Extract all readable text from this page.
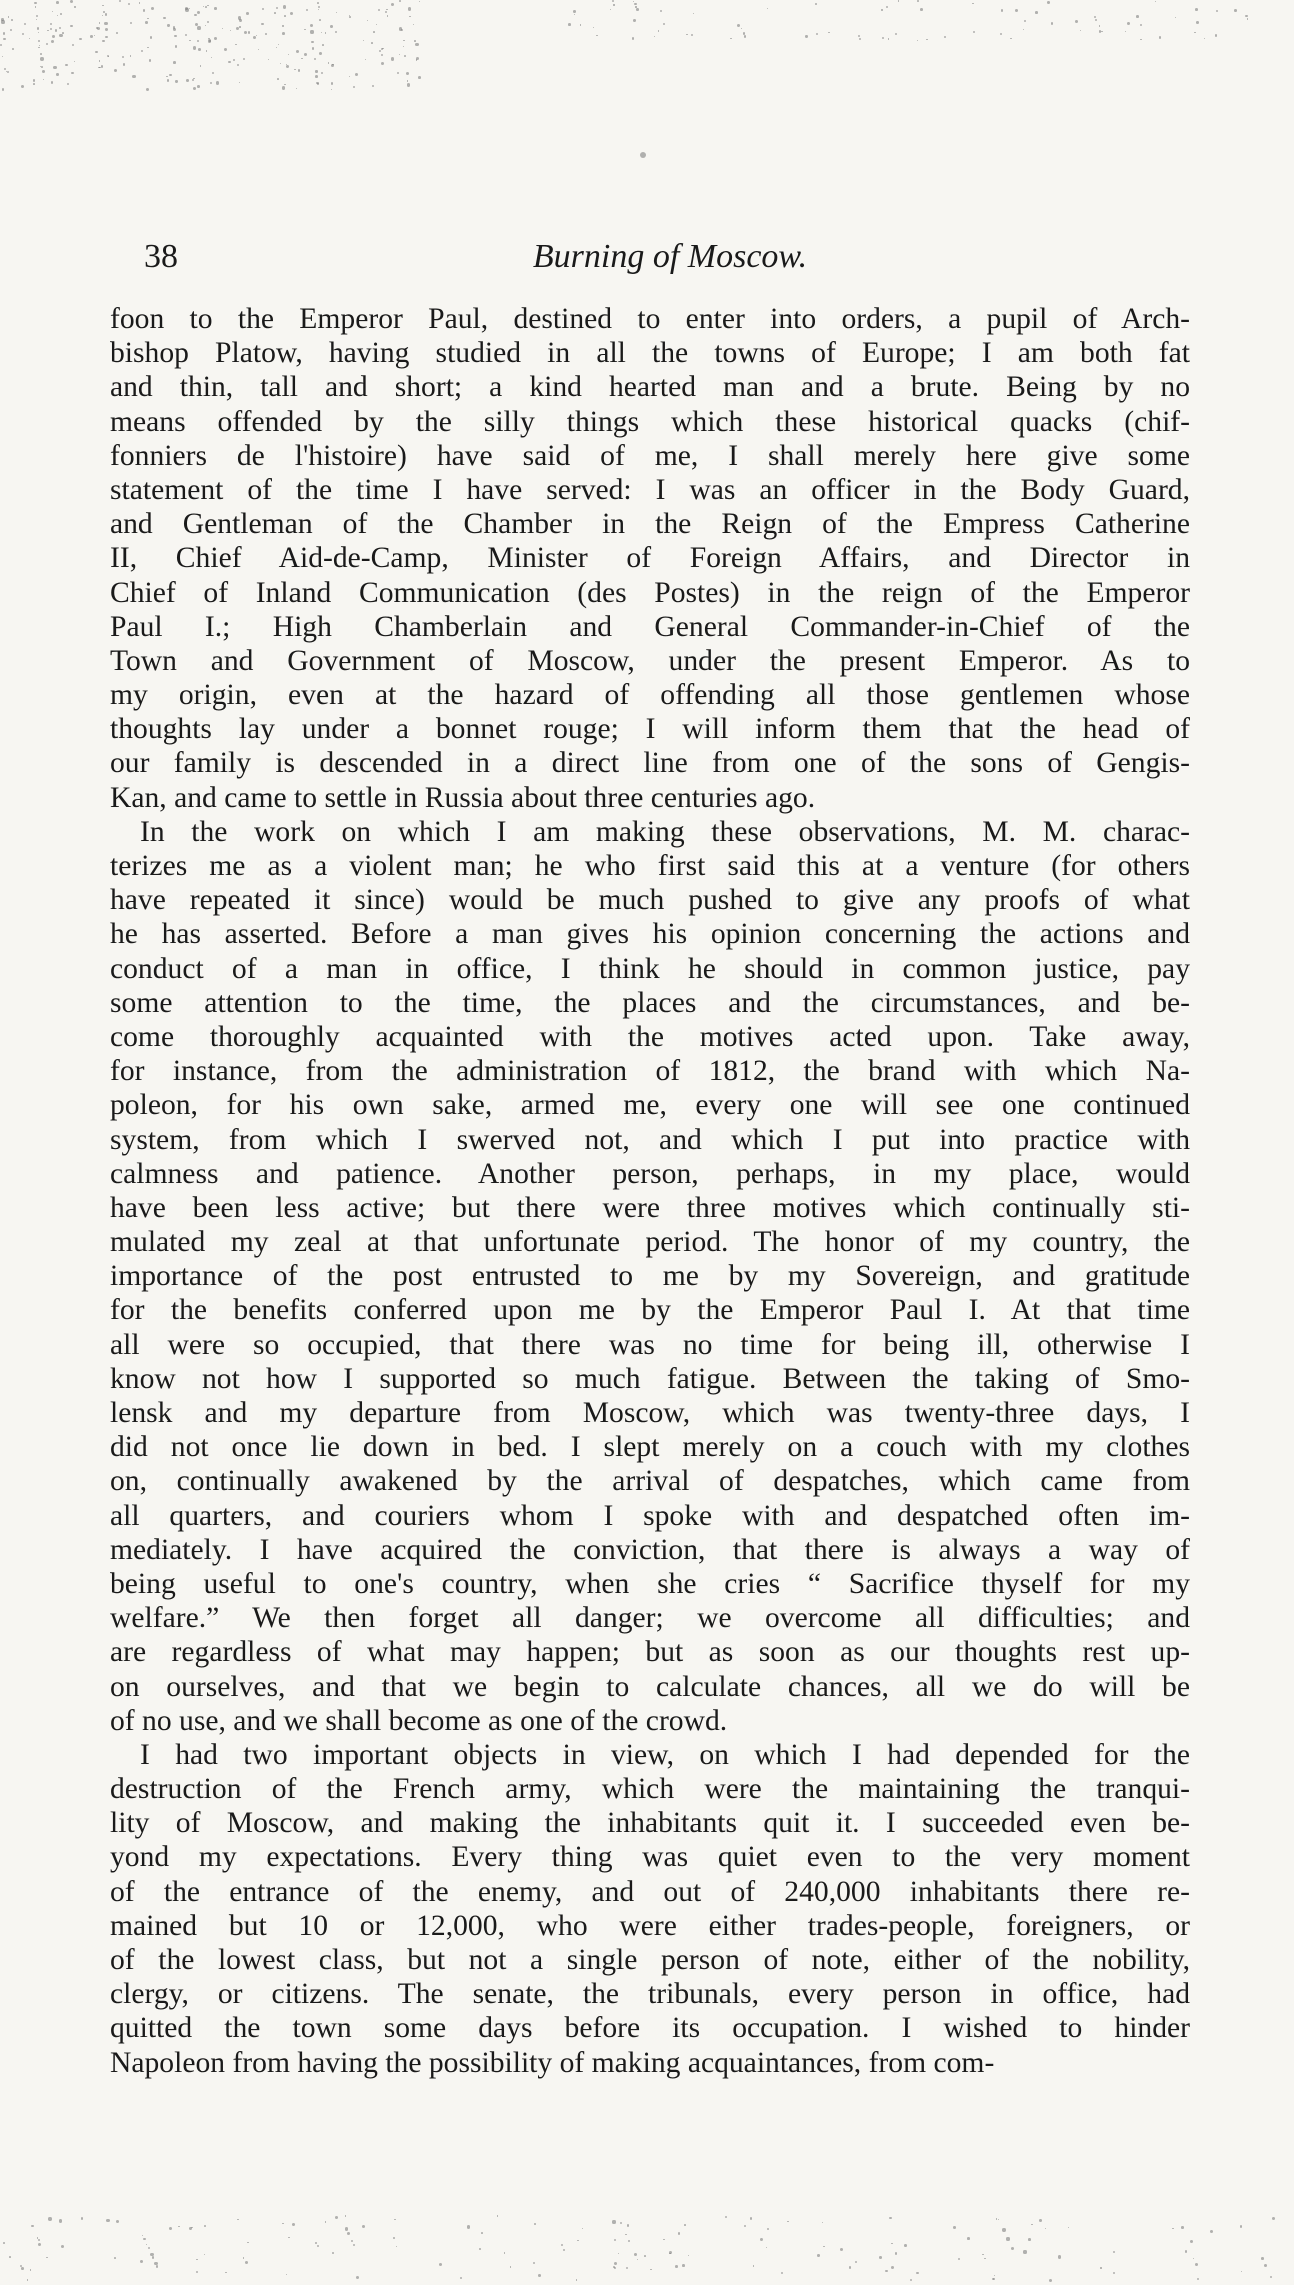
38	Burning of Moscow.
foon to the Emperor Paul, destined to enter into orders, a pupil of Arch-
bishop Platow, having studied in all the towns of Europe; I am both fat
and thin, tall and short; a kind hearted man and a brute. Being by no
means offended by the silly things which these historical quacks (chif-
fonniers de l'histoire) have said of me, I shall merely here give some
statement of the time I have served: I was an officer in the Body Guard,
and Gentleman of the Chamber in the Reign of the Empress Catherine
II, Chief Aid-de-Camp, Minister of Foreign Affairs, and Director in
Chief of Inland Communication (des Postes) in the reign of the Emperor
Paul I.; High Chamberlain and General Commander-in-Chief of the
Town and Government of Moscow, under the present Emperor. As to
my origin, even at the hazard of offending all those gentlemen whose
thoughts lay under a bonnet rouge; I will inform them that the head of
our family is descended in a direct line from one of the sons of Gengis-
Kan, and came to settle in Russia about three centuries ago.
In the work on which I am making these observations, M. M. charac-
terizes me as a violent man; he who first said this at a venture (for others
have repeated it since) would be much pushed to give any proofs of what
he has asserted. Before a man gives his opinion concerning the actions and
conduct of a man in office, I think he should in common justice, pay
some attention to the time, the places and the circumstances, and be-
come thoroughly acquainted with the motives acted upon. Take away,
for instance, from the administration of 1812, the brand with which Na-
poleon, for his own sake, armed me, every one will see one continued
system, from which I swerved not, and which I put into practice with
calmness and patience. Another person, perhaps, in my place, would
have been less active; but there were three motives which continually sti-
mulated my zeal at that unfortunate period. The honor of my country, the
importance of the post entrusted to me by my Sovereign, and gratitude
for the benefits conferred upon me by the Emperor Paul I. At that time
all were so occupied, that there was no time for being ill, otherwise I
know not how I supported so much fatigue. Between the taking of Smo-
lensk and my departure from Moscow, which was twenty-three days, I
did not once lie down in bed. I slept merely on a couch with my clothes
on, continually awakened by the arrival of despatches, which came from
all quarters, and couriers whom I spoke with and despatched often im-
mediately. I have acquired the conviction, that there is always a way of
being useful to one's country, when she cries “ Sacrifice thyself for my
welfare.” We then forget all danger; we overcome all difficulties; and
are regardless of what may happen; but as soon as our thoughts rest up-
on ourselves, and that we begin to calculate chances, all we do will be
of no use, and we shall become as one of the crowd.
I had two important objects in view, on which I had depended for the
destruction of the French army, which were the maintaining the tranqui-
lity of Moscow, and making the inhabitants quit it. I succeeded even be-
yond my expectations. Every thing was quiet even to the very moment
of the entrance of the enemy, and out of 240,000 inhabitants there re-
mained but 10 or 12,000, who were either trades-people, foreigners, or
of the lowest class, but not a single person of note, either of the nobility,
clergy, or citizens. The senate, the tribunals, every person in office, had
quitted the town some days before its occupation. I wished to hinder
Napoleon from having the possibility of making acquaintances, from com-
